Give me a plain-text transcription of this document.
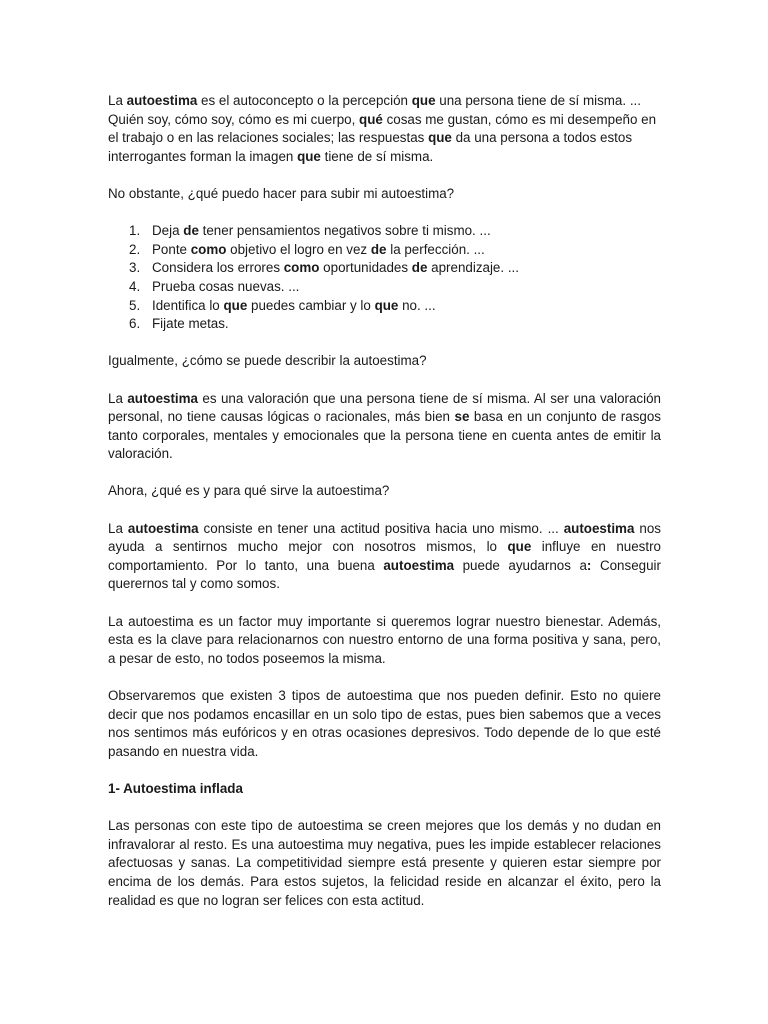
La autoestima es el autoconcepto o la percepción que una persona tiene de sí misma. ... Quién soy, cómo soy, cómo es mi cuerpo, qué cosas me gustan, cómo es mi desempeño en el trabajo o en las relaciones sociales; las respuestas que da una persona a todos estos interrogantes forman la imagen que tiene de sí misma.

No obstante, ¿qué puedo hacer para subir mi autoestima?

1. Deja de tener pensamientos negativos sobre ti mismo. ...
2. Ponte como objetivo el logro en vez de la perfección. ...
3. Considera los errores como oportunidades de aprendizaje. ...
4. Prueba cosas nuevas. ...
5. Identifica lo que puedes cambiar y lo que no. ...
6. Fijate metas.

Igualmente, ¿cómo se puede describir la autoestima?

La autoestima es una valoración que una persona tiene de sí misma. Al ser una valoración personal, no tiene causas lógicas o racionales, más bien se basa en un conjunto de rasgos tanto corporales, mentales y emocionales que la persona tiene en cuenta antes de emitir la valoración.

Ahora, ¿qué es y para qué sirve la autoestima?

La autoestima consiste en tener una actitud positiva hacia uno mismo. ... autoestima nos ayuda a sentirnos mucho mejor con nosotros mismos, lo que influye en nuestro comportamiento. Por lo tanto, una buena autoestima puede ayudarnos a: Conseguir querernos tal y como somos.

La autoestima es un factor muy importante si queremos lograr nuestro bienestar. Además, esta es la clave para relacionarnos con nuestro entorno de una forma positiva y sana, pero, a pesar de esto, no todos poseemos la misma.

Observaremos que existen 3 tipos de autoestima que nos pueden definir. Esto no quiere decir que nos podamos encasillar en un solo tipo de estas, pues bien sabemos que a veces nos sentimos más eufóricos y en otras ocasiones depresivos. Todo depende de lo que esté pasando en nuestra vida.

1- Autoestima inflada

Las personas con este tipo de autoestima se creen mejores que los demás y no dudan en infravalorar al resto. Es una autoestima muy negativa, pues les impide establecer relaciones afectuosas y sanas. La competitividad siempre está presente y quieren estar siempre por encima de los demás. Para estos sujetos, la felicidad reside en alcanzar el éxito, pero la realidad es que no logran ser felices con esta actitud.
